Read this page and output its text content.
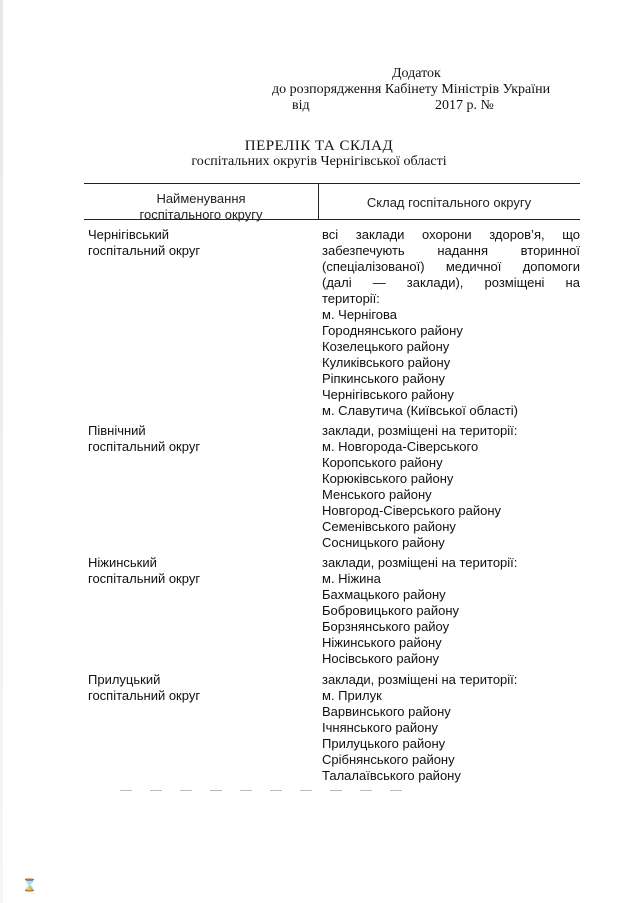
Додаток
до розпорядження Кабінету Міністрів України
від	2017 р. №
ПЕРЕЛІК ТА СКЛАД
госпітальних округів Чернігівської області
Найменування
госпітального округу
Склад госпітального округу
Чернігівський
госпітальний округ
всі заклади охорони здоров’я, що
забезпечують	надання	вторинної
(спеціалізованої) медичної допомоги
(далі — заклади), розміщені на
території:
м. Чернігова
Городнянського району
Козелецького району
Куликівського району
Ріпкинського району
Чернігівського району
м. Славутича (Київської області)
Північний
госпітальний округ
заклади, розміщені на території:
м. Новгорода-Сіверського
Коропського району
Корюківського району
Менського району
Новгород-Сіверського району
Семенівського району
Сосницького району
Ніжинський
госпітальний округ
заклади, розміщені на території:
м. Ніжина
Бахмацького району
Бобровицького району
Борзнянського райоу
Ніжинського району
Носівського району
Прилуцький
госпітальний округ
заклади, розміщені на території:
м. Прилук
Варвинського району
Ічнянського району
Прилуцького району
Срібнянського району
Талалаївського району
⌛
